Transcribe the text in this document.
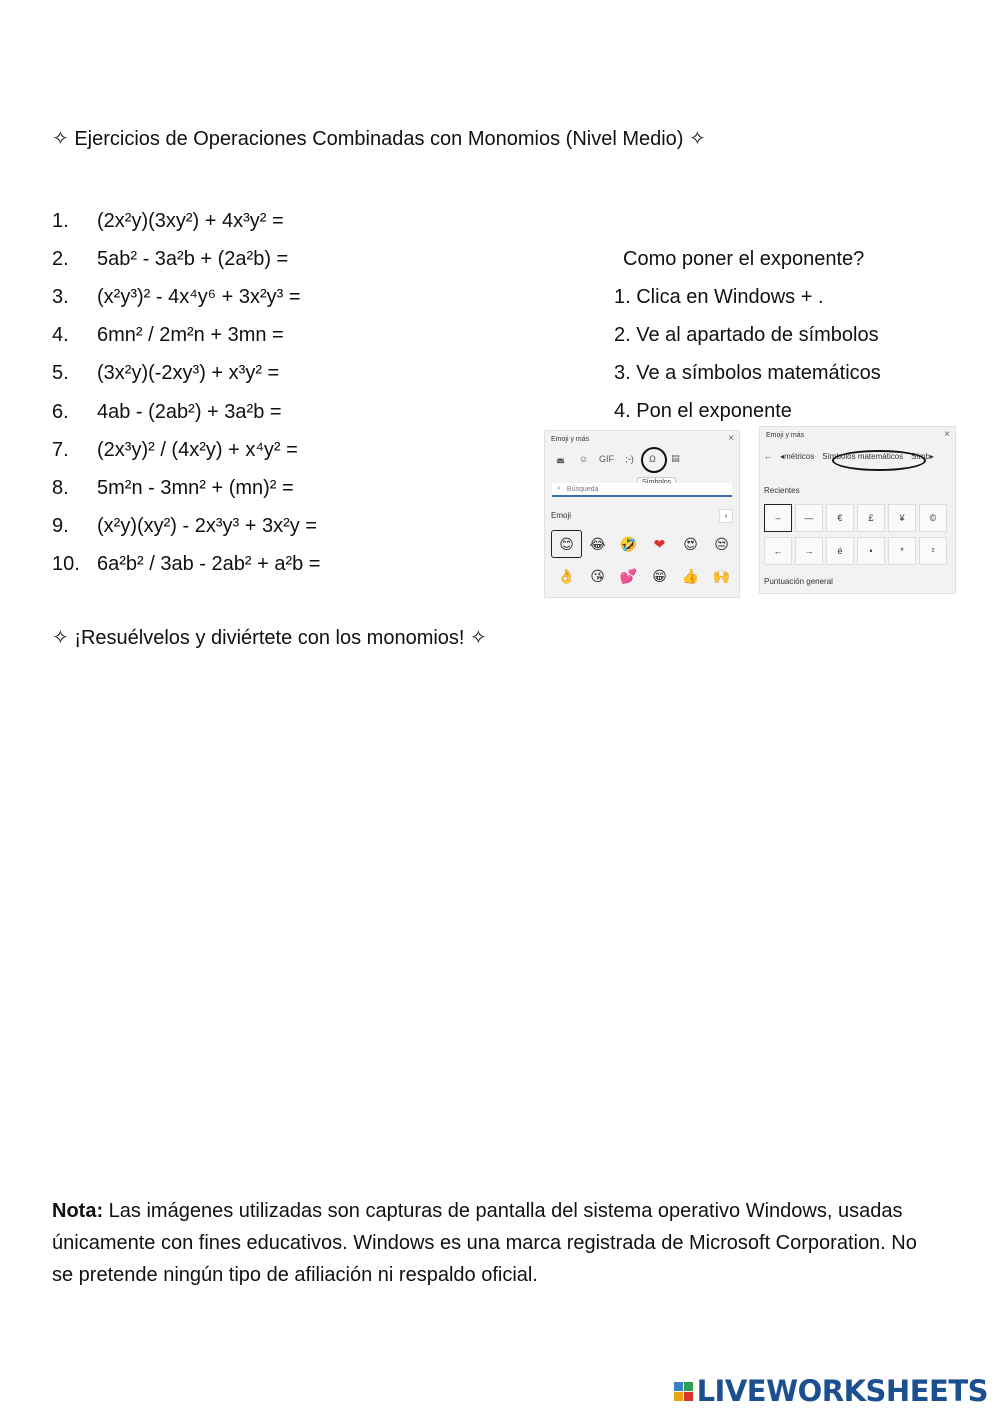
✧ Ejercicios de Operaciones Combinadas con Monomios (Nivel Medio) ✧
1.	(2x²y)(3xy²) + 4x³y² =
2.	5ab² - 3a²b + (2a²b) =
3.	(x²y³)² - 4x⁴y⁶ + 3x²y³ =
4.	6mn² / 2m²n + 3mn =
5.	(3x²y)(-2xy³) + x³y² =
6.	4ab - (2ab²) + 3a²b =
7.	(2x³y)² / (4x²y) + x⁴y² =
8.	5m²n - 3mn² + (mn)² =
9.	(x²y)(xy²) - 2x³y³ + 3x²y =
10. 6a²b² / 3ab - 2ab² + a²b =
Como poner el exponente?
1. Clica en Windows + .
2. Ve al apartado de símbolos
3. Ve a símbolos matemáticos
4. Pon el exponente
Emoji y más	×
◛	☺	GIF	;-)	Ω	▤
⌕ Búsqueda
Emoji	›
😊	😂	🤣	❤	😍	😒
👌	😘	💕	😁	👍 🙌
Emoji y más	×
← ◂métricos Símbolos matemáticos Símb▸
Recientes
–	—	€	£	¥	©
←	→	é	•	*	²
Puntuación general
✧ ¡Resuélvelos y diviértete con los monomios! ✧
Nota: Las imágenes utilizadas son capturas de pantalla del sistema operativo Windows, usadas únicamente con fines educativos. Windows es una marca registrada de Microsoft Corporation. No se pretende ningún tipo de afiliación ni respaldo oficial.
LIVEWORKSHEETS
